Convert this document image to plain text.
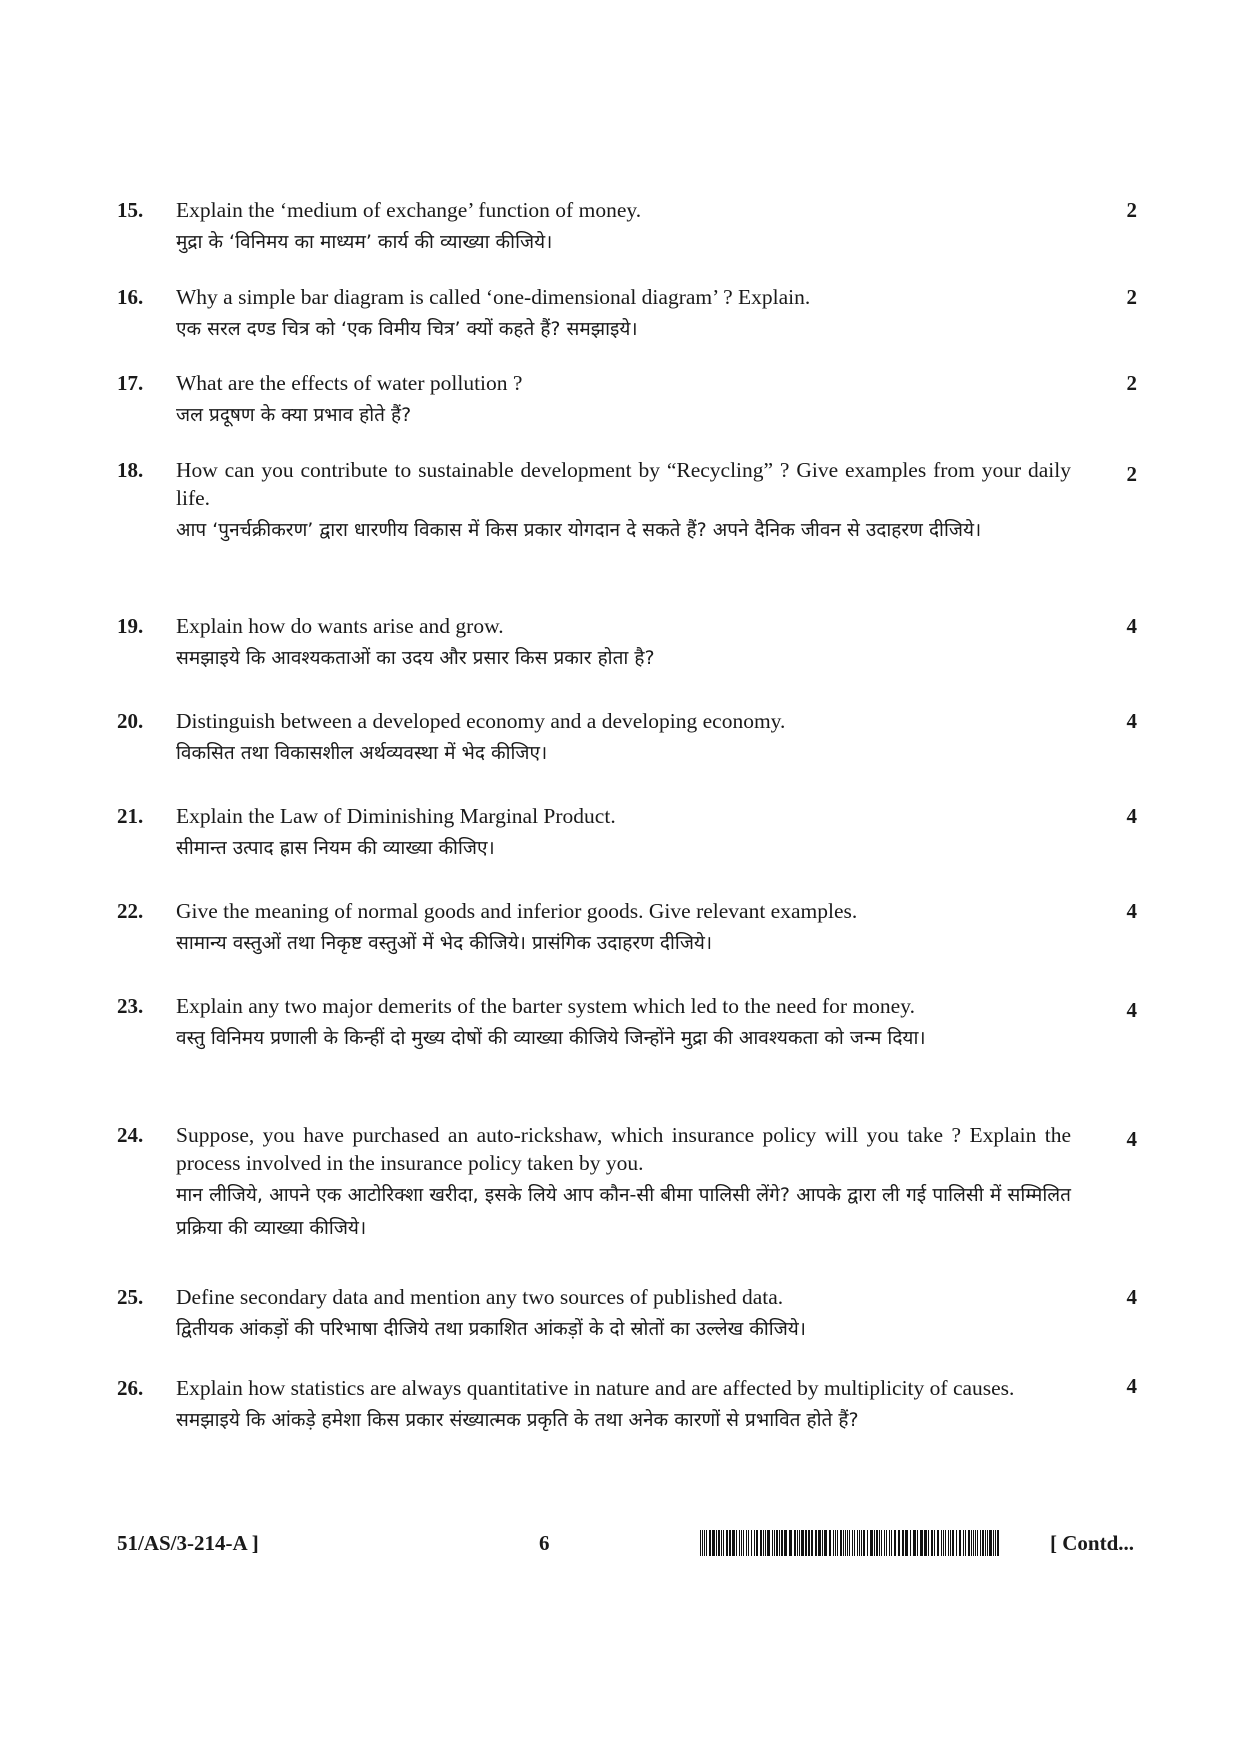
15.	Explain the ‘medium of exchange’ function of money.
मुद्रा के ‘विनिमय का माध्यम’ कार्य की व्याख्या कीजिये।
2
16.	Why a simple bar diagram is called ‘one-dimensional diagram’ ? Explain.
एक सरल दण्ड चित्र को ‘एक विमीय चित्र’ क्यों कहते हैं? समझाइये।
2
17.	What are the effects of water pollution ?
जल प्रदूषण के क्या प्रभाव होते हैं?
2
18.	How can you contribute to sustainable development by “Recycling” ? Give examples from your daily life.
आप ‘पुनर्चक्रीकरण’ द्वारा धारणीय विकास में किस प्रकार योगदान दे सकते हैं? अपने दैनिक जीवन से उदाहरण दीजिये।
2
19.	Explain how do wants arise and grow.
समझाइये कि आवश्यकताओं का उदय और प्रसार किस प्रकार होता है?
4
20.	Distinguish between a developed economy and a developing economy.
विकसित तथा विकासशील अर्थव्यवस्था में भेद कीजिए।
4
21.	Explain the Law of Diminishing Marginal Product.
सीमान्त उत्पाद ह्रास नियम की व्याख्या कीजिए।
4
22.	Give the meaning of normal goods and inferior goods. Give relevant examples.
सामान्य वस्तुओं तथा निकृष्ट वस्तुओं में भेद कीजिये। प्रासंगिक उदाहरण दीजिये।
4
23.	Explain any two major demerits of the barter system which led to the need for money.
वस्तु विनिमय प्रणाली के किन्हीं दो मुख्य दोषों की व्याख्या कीजिये जिन्होंने मुद्रा की आवश्यकता को जन्म दिया।
4
24.	Suppose, you have purchased an auto-rickshaw, which insurance policy will you take ? Explain the process involved in the insurance policy taken by you.
मान लीजिये, आपने एक आटोरिक्शा खरीदा, इसके लिये आप कौन-सी बीमा पालिसी लेंगे? आपके द्वारा ली गई पालिसी में सम्मिलित प्रक्रिया की व्याख्या कीजिये।
4
25.	Define secondary data and mention any two sources of published data.
द्वितीयक आंकड़ों की परिभाषा दीजिये तथा प्रकाशित आंकड़ों के दो स्रोतों का उल्लेख कीजिये।
4
26.	Explain how statistics are always quantitative in nature and are affected by multiplicity of causes.
समझाइये कि आंकड़े हमेशा किस प्रकार संख्यात्मक प्रकृति के तथा अनेक कारणों से प्रभावित होते हैं?
4
51/AS/3-214-A ]	6	[ Contd...
